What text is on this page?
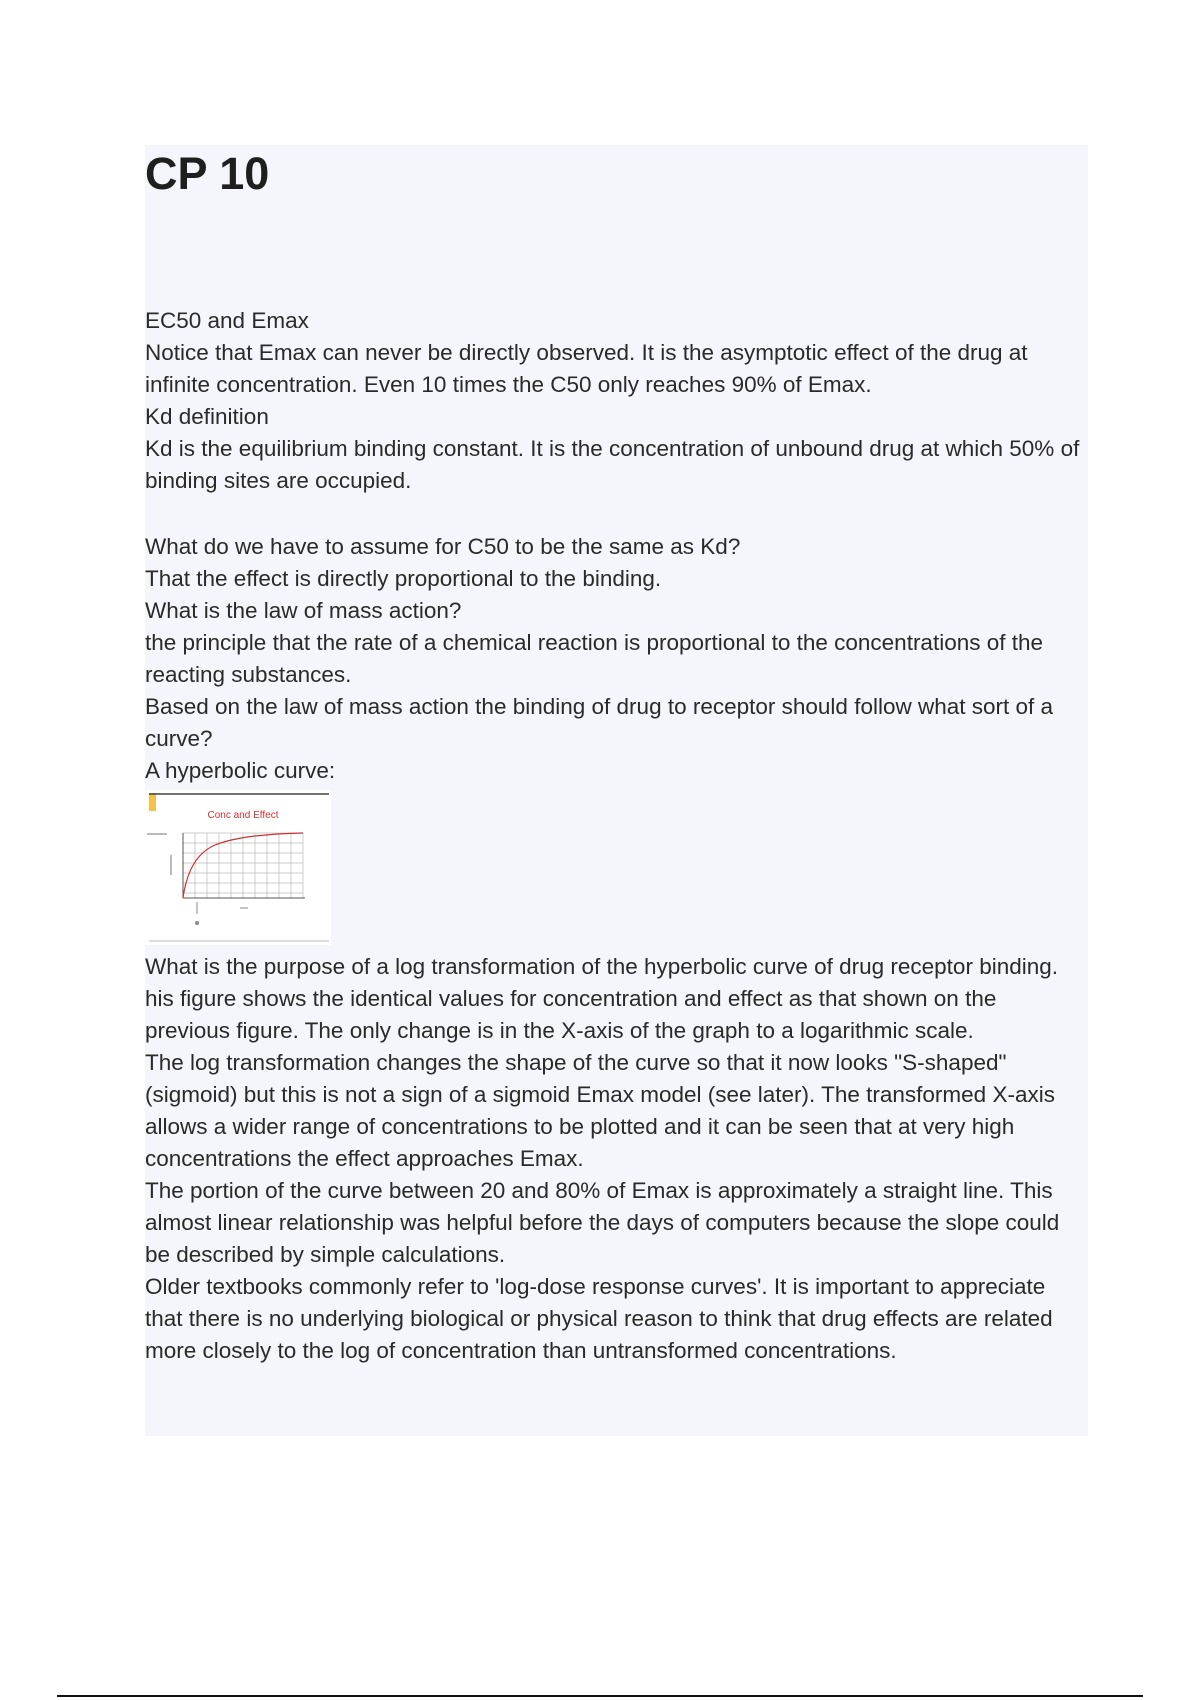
CP 10

EC50 and Emax

Notice that Emax can never be directly observed. It is the asymptotic effect of the drug at infinite concentration. Even 10 times the C50 only reaches 90% of Emax.

Kd definition

Kd is the equilibrium binding constant. It is the concentration of unbound drug at which 50% of binding sites are occupied.

What do we have to assume for C50 to be the same as Kd?

That the effect is directly proportional to the binding.

What is the law of mass action?

the principle that the rate of a chemical reaction is proportional to the concentrations of the reacting substances.

Based on the law of mass action the binding of drug to receptor should follow what sort of a curve?

A hyperbolic curve:

Conc and Effect

What is the purpose of a log transformation of the hyperbolic curve of drug receptor binding.

his figure shows the identical values for concentration and effect as that shown on the previous figure. The only change is in the X-axis of the graph to a logarithmic scale.

The log transformation changes the shape of the curve so that it now looks "S-shaped" (sigmoid) but this is not a sign of a sigmoid Emax model (see later). The transformed X-axis allows a wider range of concentrations to be plotted and it can be seen that at very high concentrations the effect approaches Emax.

The portion of the curve between 20 and 80% of Emax is approximately a straight line. This almost linear relationship was helpful before the days of computers because the slope could be described by simple calculations.

Older textbooks commonly refer to 'log-dose response curves'. It is important to appreciate that there is no underlying biological or physical reason to think that drug effects are related more closely to the log of concentration than untransformed concentrations.
